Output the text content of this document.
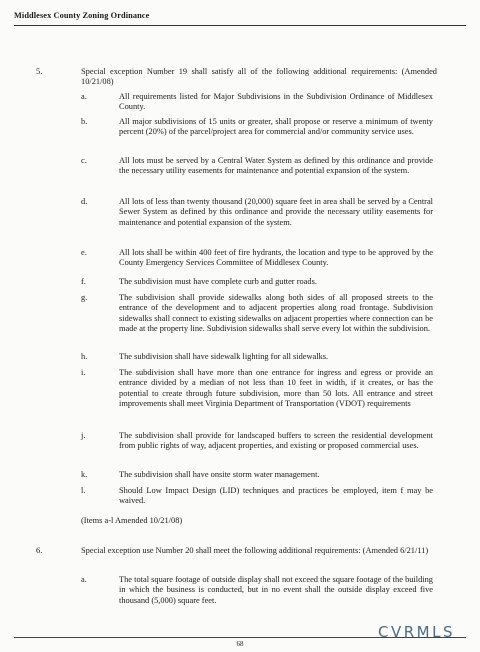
Middlesex County Zoning Ordinance
5.	Special exception Number 19 shall satisfy all of the following additional requirements: (Amended 10/21/08)
a.	All requirements listed for Major Subdivisions in the Subdivision Ordinance of Middlesex County.
b.	All major subdivisions of 15 units or greater, shall propose or reserve a minimum of twenty percent (20%) of the parcel/project area for commercial and/or community service uses.
c.	All lots must be served by a Central Water System as defined by this ordinance and provide the necessary utility easements for maintenance and potential expansion of the system.
d.	All lots of less than twenty thousand (20,000) square feet in area shall be served by a Central Sewer System as defined by this ordinance and provide the necessary utility easements for maintenance and potential expansion of the system.
e.	All lots shall be within 400 feet of fire hydrants, the location and type to be approved by the County Emergency Services Committee of Middlesex County.
f.	The subdivision must have complete curb and gutter roads.
g.	The subdivision shall provide sidewalks along both sides of all proposed streets to the entrance of the development and to adjacent properties along road frontage. Subdivision sidewalks shall connect to existing sidewalks on adjacent properties where connection can be made at the property line. Subdivision sidewalks shall serve every lot within the subdivision.
h.	The subdivision shall have sidewalk lighting for all sidewalks.
i.	The subdivision shall have more than one entrance for ingress and egress or provide an entrance divided by a median of not less than 10 feet in width, if it creates, or has the potential to create through future subdivision, more than 50 lots. All entrance and street improvements shall meet Virginia Department of Transportation (VDOT) requirements
j.	The subdivision shall provide for landscaped buffers to screen the residential development from public rights of way, adjacent properties, and existing or proposed commercial uses.
k.	The subdivision shall have onsite storm water management.
l.	Should Low Impact Design (LID) techniques and practices be employed, item f may be waived.
(Items a-l Amended 10/21/08)
6.	Special exception use Number 20 shall meet the following additional requirements: (Amended 6/21/11)
a.	The total square footage of outside display shall not exceed the square footage of the building in which the business is conducted, but in no event shall the outside display exceed five thousand (5,000) square feet.
CVRMLS
68
